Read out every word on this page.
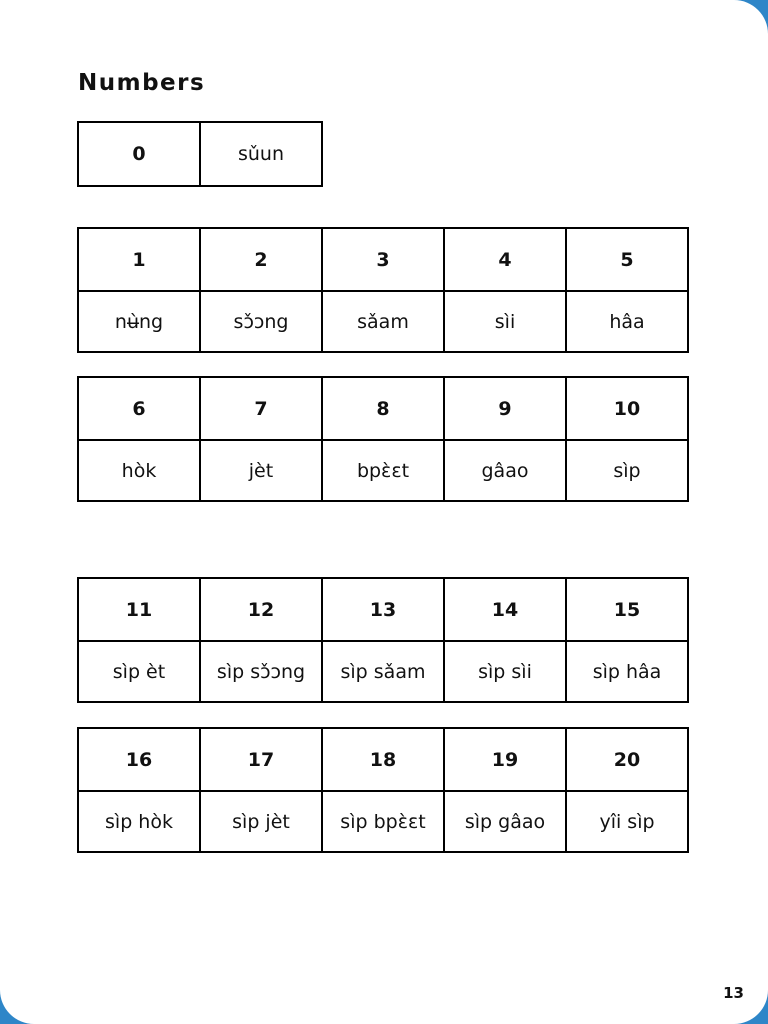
Numbers
0	sǔun
1	2	3	4	5
nʉ̀ng	sɔ̌ɔng	sǎam	sìi	hâa
6	7	8	9	10
hòk	jèt	bpɛ̀ɛt	gâao	sìp
11	12	13	14	15
sìp èt	sìp sɔ̌ɔng	sìp sǎam	sìp sìi	sìp hâa
16	17	18	19	20
sìp hòk	sìp jèt	sìp bpɛ̀ɛt	sìp gâao	yîi sìp
13
